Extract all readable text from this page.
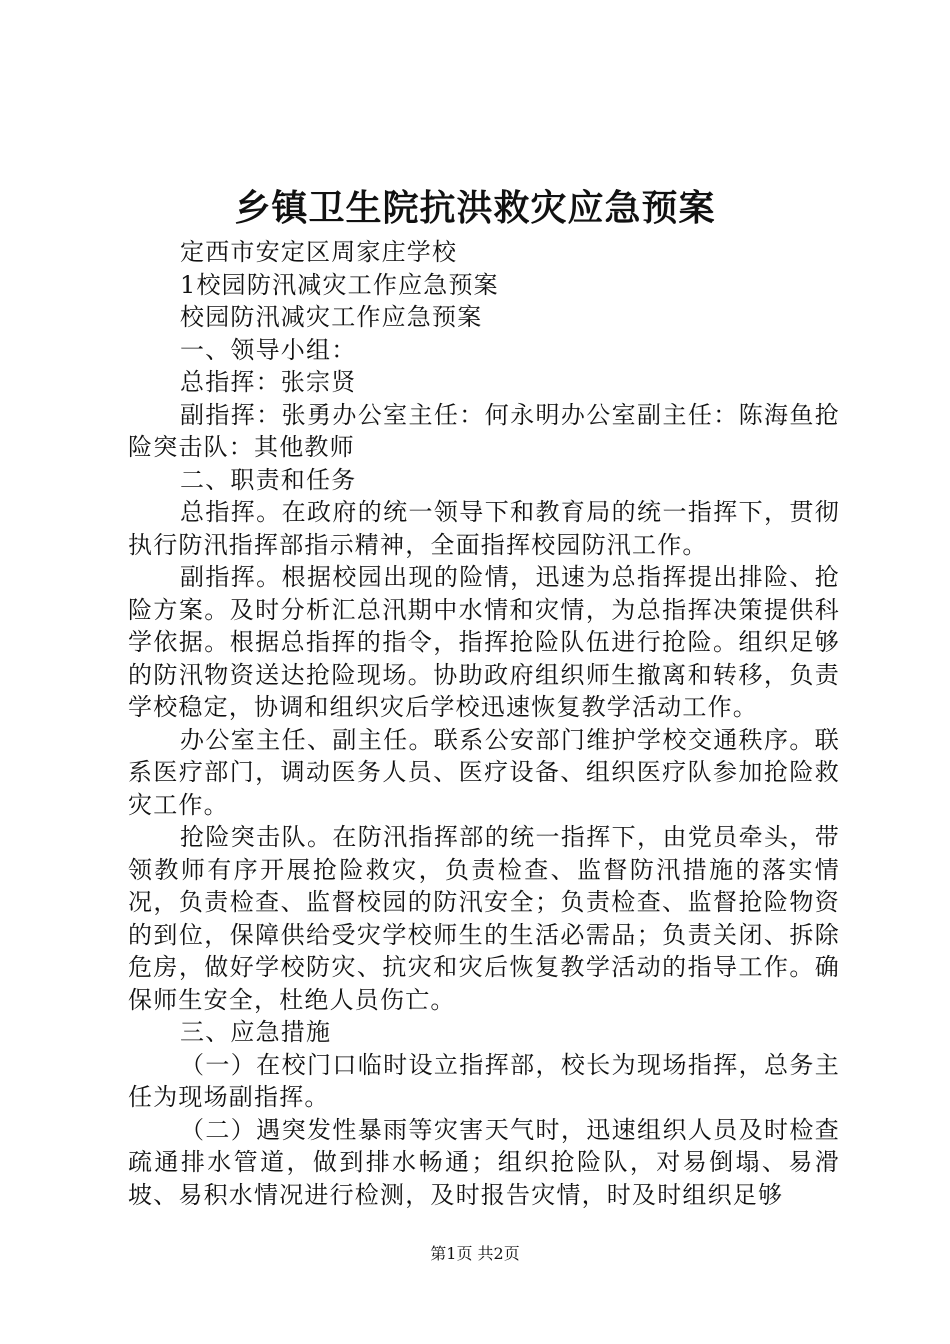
乡镇卫生院抗洪救灾应急预案

定西市安定区周家庄学校

1校园防汛减灾工作应急预案

校园防汛减灾工作应急预案

一、领导小组：

总指挥：张宗贤

副指挥：张勇办公室主任：何永明办公室副主任：陈海鱼抢险突击队：其他教师

二、职责和任务

总指挥。在政府的统一领导下和教育局的统一指挥下，贯彻执行防汛指挥部指示精神，全面指挥校园防汛工作。

副指挥。根据校园出现的险情，迅速为总指挥提出排险、抢险方案。及时分析汇总汛期中水情和灾情，为总指挥决策提供科学依据。根据总指挥的指令，指挥抢险队伍进行抢险。组织足够的防汛物资送达抢险现场。协助政府组织师生撤离和转移，负责学校稳定，协调和组织灾后学校迅速恢复教学活动工作。

办公室主任、副主任。联系公安部门维护学校交通秩序。联系医疗部门，调动医务人员、医疗设备、组织医疗队参加抢险救灾工作。

抢险突击队。在防汛指挥部的统一指挥下，由党员牵头，带领教师有序开展抢险救灾，负责检查、监督防汛措施的落实情况，负责检查、监督校园的防汛安全；负责检查、监督抢险物资的到位，保障供给受灾学校师生的生活必需品；负责关闭、拆除危房，做好学校防灾、抗灾和灾后恢复教学活动的指导工作。确保师生安全，杜绝人员伤亡。

三、应急措施

（一）在校门口临时设立指挥部，校长为现场指挥，总务主任为现场副指挥。

（二）遇突发性暴雨等灾害天气时，迅速组织人员及时检查疏通排水管道，做到排水畅通；组织抢险队，对易倒塌、易滑坡、易积水情况进行检测，及时报告灾情，时及时组织足够

第1页 共2页
